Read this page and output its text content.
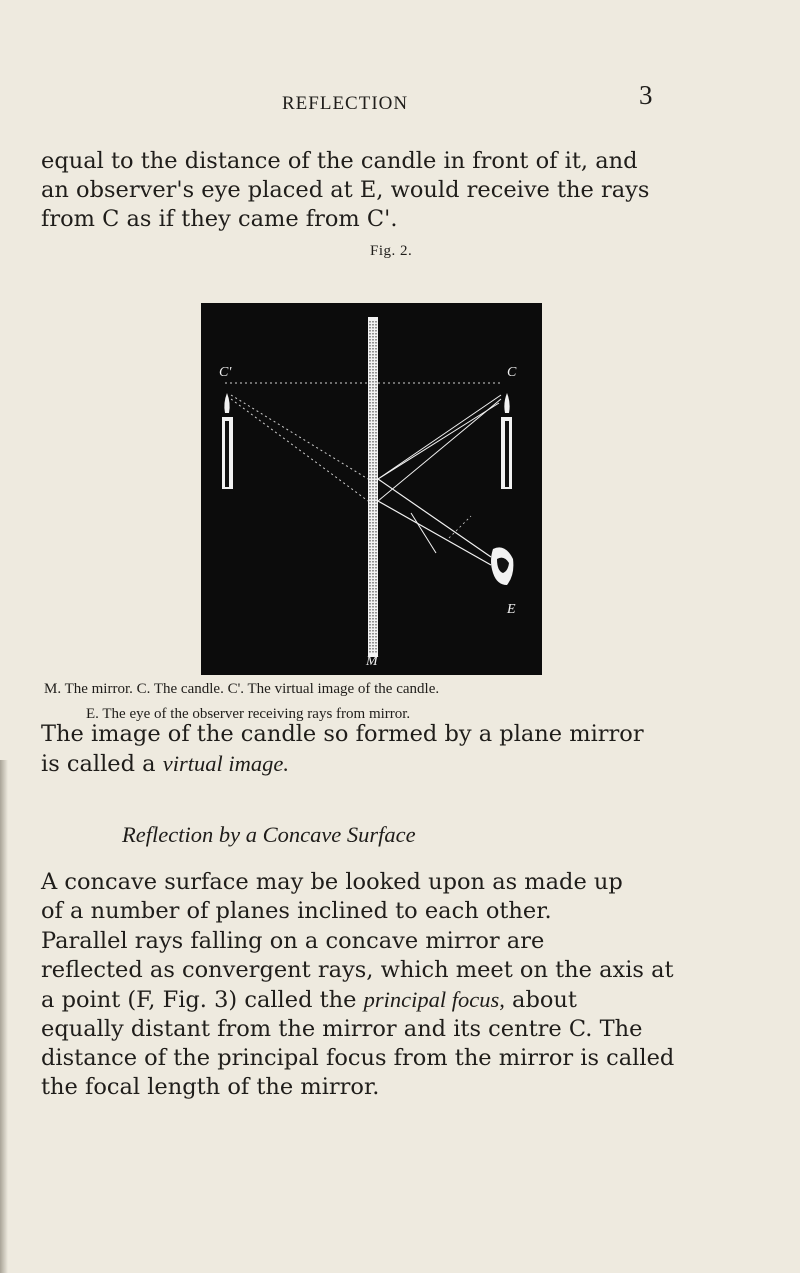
REFLECTION	3

equal to the distance of the candle in front of it, and
an observer's eye placed at E, would receive the rays
from C as if they came from C'.

Fig. 2.
C'	C
E
M
M. The mirror. C. The candle. C'. The virtual image of the candle.
E. The eye of the observer receiving rays from mirror.

The image of the candle so formed by a plane mirror
is called a virtual image.

Reflection by a Concave Surface

A concave surface may be looked upon as made up
of a number of planes inclined to each other.

Parallel rays falling on a concave mirror are
reflected as convergent rays, which meet on the axis at
a point (F, Fig. 3) called the principal focus, about
equally distant from the mirror and its centre C. The
distance of the principal focus from the mirror is called
the focal length of the mirror.
